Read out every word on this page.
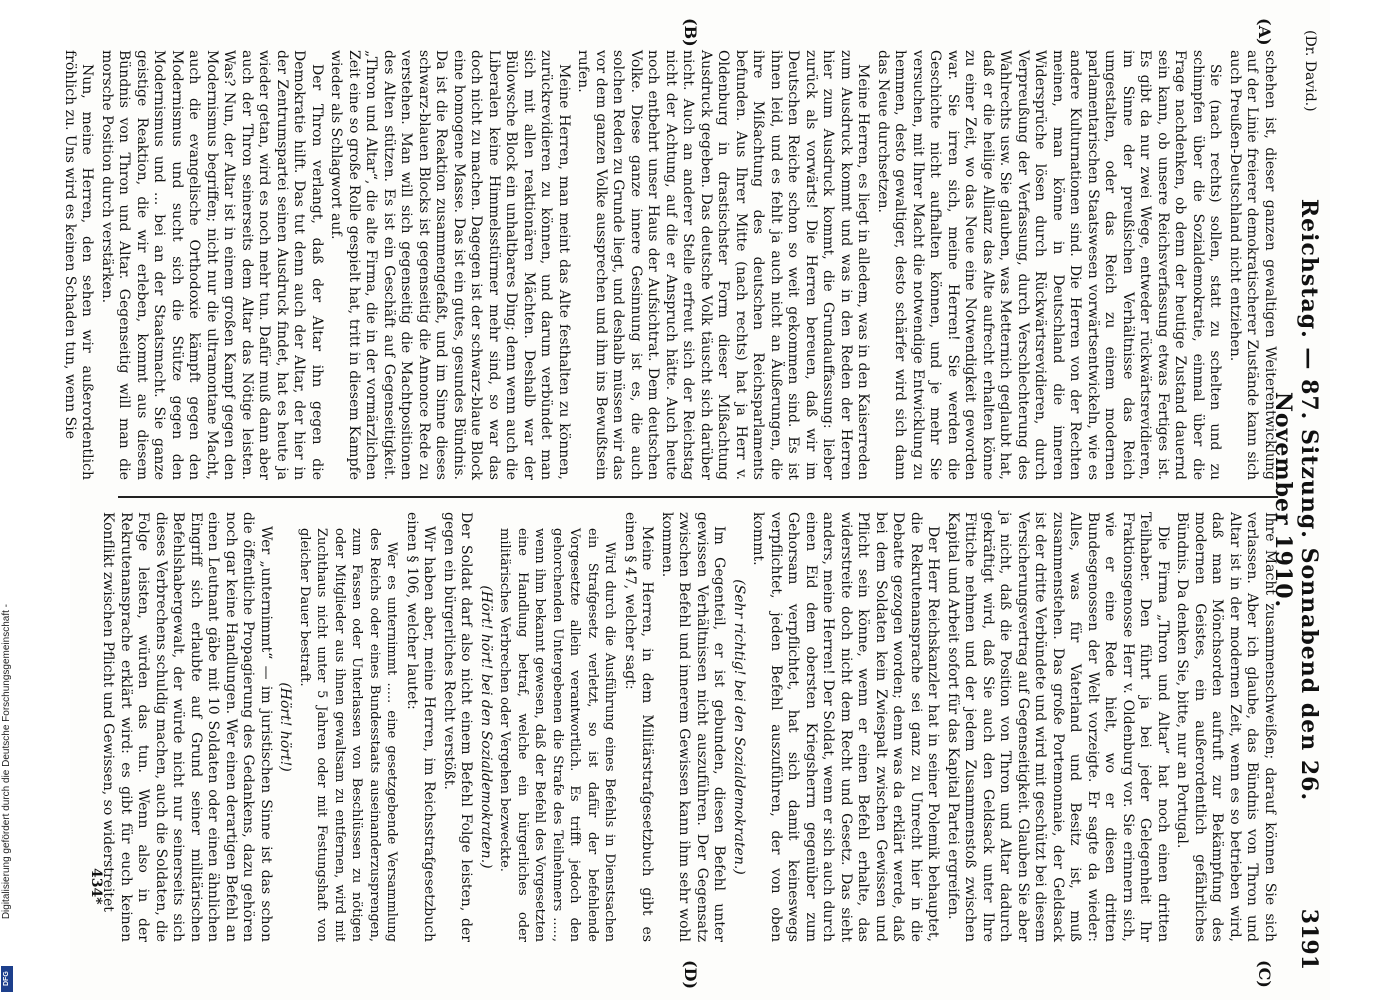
(Dr. David.)
Reichstag. — 87. Sitzung. Sonnabend den 26. November 1910.
3191
(A)
(B)
(C)
(D)

schehen ist, dieser ganzen gewaltigen Weiterentwicklung auf der Linie freierer demokratischerer Zustände kann sich auch Preußen-Deutschland nicht entziehen.

Sie (nach rechts) sollen, statt zu schelten und zu schimpfen über die Sozialdemokratie, einmal über die Frage nachdenken, ob denn der heutige Zustand dauernd sein kann, ob unsere Reichsverfassung etwas Fertiges ist. Es gibt da nur zwei Wege, entweder rückwärtsrevidieren, im Sinne der preußischen Verhältnisse das Reich umgestalten, oder das Reich zu einem modernen parlamentarischen Staatswesen vorwärtsentwickeln, wie es andere Kulturnationen sind. Die Herren von der Rechten meinen, man könne in Deutschland die inneren Widersprüche lösen durch Rückwärtsrevidieren, durch Verpreußung der Verfassung, durch Verschlechterung des Wahlrechts usw. Sie glauben, was Metternich geglaubt hat, daß er die heilige Allianz das Alte aufrecht erhalten könne zu einer Zeit, wo das Neue eine Notwendigkeit geworden war. Sie irren sich, meine Herren! Sie werden die Geschichte nicht aufhalten können, und je mehr Sie versuchen, mit Ihrer Macht die notwendige Entwicklung zu hemmen, desto gewaltiger, desto schärfer wird sich dann das Neue durchsetzen.

Meine Herren, es liegt in alledem, was in den Kaiserreden zum Ausdruck kommt und was in den Reden der Herren hier zum Ausdruck kommt, die Grundauffassung: lieber zurück als vorwärts! Die Herren bereuen, daß wir im Deutschen Reiche schon so weit gekommen sind. Es ist ihnen leid, und es fehlt ja auch nicht an Äußerungen, die ihre Mißachtung des deutschen Reichsparlaments befunden. Aus Ihrer Mitte (nach rechts) hat ja Herr v. Oldenburg in drastischster Form dieser Mißachtung Ausdruck gegeben. Das deutsche Volk täuscht sich darüber nicht. Auch an anderer Stelle erfreut sich der Reichstag nicht der Achtung, auf die er Anspruch hätte. Auch heute noch entbehrt unser Haus der Aufsichtrat. Dem deutschen Volke. Diese ganze innere Gesinnung ist es, die auch solchen Reden zu Grunde liegt, und deshalb müssen wir das vor dem ganzen Volke aussprechen und ihm ins Bewußtsein rufen.

Meine Herren, man meint das Alte festhalten zu können, zurückrevidieren zu können, und darum verbündet man sich mit allen reaktionären Mächten. Deshalb war der Bülowsche Block ein unhaltbares Ding; denn wenn auch die Liberalen keine Himmelsstürmer mehr sind, so war das doch nicht zu machen. Dagegen ist der schwarz-blaue Block eine homogene Masse. Das ist ein gutes, gesundes Bündnis. Da ist die Reaktion zusammengefaßt, und im Sinne dieses schwarz-blauen Blocks ist gegenseitig die Annonce Rede zu verstehen. Man will sich gegenseitig die Machtpositionen des Alten stützen. Es ist ein Geschäft auf Gegenseitigkeit. „Thron und Altar“, die alte Firma, die in der vormärzlichen Zeit eine so große Rolle gespielt hat, tritt in diesem Kampfe wieder als Schlagwort auf.

Der Thron verlangt, daß der Altar ihn gegen die Demokratie hilft. Das tut denn auch der Altar, der hier in der Zentrumspartei seinen Ausdruck findet, hat es heute ja wieder getan, wird es noch mehr tun. Dafür muß dann aber auch der Thron seinerseits dem Altar das Nötige leisten. Was? Nun, der Altar ist in einem großen Kampf gegen den Modernismus begriffen; nicht nur die ultramontane Macht, auch die evangelische Orthodoxie kämpft gegen den Modernismus und sucht sich die Stütze gegen den Modernismus und ... bei an der Staatsmacht. Sie ganze geistige Reaktion, die wir erleben, kommt aus diesem Bündnis von Thron und Altar. Gegenseitig will man die morsche Position durch verstärken.

Nun, meine Herren, den sehen wir außerordentlich fröhlich zu. Uns wird es keinen Schaden tun, wenn Sie

Ihre Macht zusammenschweißen; darauf können Sie sich verlassen. Aber ich glaube, das Bündnis von Thron und Altar ist in der modernen Zeit, wenn es so betrieben wird, daß man Mönchsorden aufruft zur Bekämpfung des modernen Geistes, ein außerordentlich gefährliches Bündnis. Da denken Sie, bitte, nur an Portugal.

Die Firma „Thron und Altar“ hat noch einen dritten Teilhaber. Den führt ja bei jeder Gelegenheit Ihr Fraktionsgenosse Herr v. Oldenburg vor. Sie erinnern sich, wie er eine Rede hielt, wo er diesen dritten Bundesgenossen der Welt vorzeigte. Er sagte da wieder: Alles, was für Vaterland und Besitz ist, muß zusammenstehen. Das große Portemonnaie, der Geldsack ist der dritte Verbündete und wird mit geschützt bei diesem Versicherungsvertrag auf Gegenseitigkeit. Glauben Sie aber ja nicht, daß die Position von Thron und Altar dadurch gekräftigt wird, daß Sie auch den Geldsack unter Ihre Fittiche nehmen und der jedem Zusammenstoß zwischen Kapital und Arbeit sofort für das Kapital Partei ergreifen.

Der Herr Reichskanzler hat in seiner Polemik behauptet, die Rekrutenansprache sei ganz zu Unrecht hier in die Debatte gezogen worden; denn was da erklärt werde, daß bei dem Soldaten kein Zwiespalt zwischen Gewissen und Pflicht sein könne, wenn er einen Befehl erhalte, das widerstreite doch nicht dem Recht und Gesetz. Das sieht anders, meine Herren! Der Soldat, wenn er sich auch durch einen Eid dem obersten Kriegsherrn gegenüber zum Gehorsam verpflichtet, hat sich damit keineswegs verpflichtet, jeden Befehl auszuführen, der von oben kommt.

(Sehr richtig! bei den Sozialdemokraten.)

Im Gegenteil, er ist gebunden, diesen Befehl unter gewissen Verhältnissen nicht auszuführen. Der Gegensatz zwischen Befehl und innerem Gewissen kann ihm sehr wohl kommen.

Meine Herren, in dem Militärstrafgesetzbuch gibt es einen § 47, welcher sagt:

Wird durch die Ausführung eines Befehls in Dienstsachen ein Strafgesetz verletzt, so ist dafür der befehlende Vorgesetzte allein verantwortlich. Es trifft jedoch den gehorchenden Untergebenen die Strafe des Teilnehmers ....., wenn ihm bekannt gewesen, daß der Befehl des Vorgesetzten eine Handlung betraf, welche ein bürgerliches oder militärisches Verbrechen oder Vergehen bezweckte.

(Hört! hört! bei den Sozialdemokraten.)

Der Soldat darf also nicht einem Befehl Folge leisten, der gegen ein bürgerliches Recht verstößt.

Wir haben aber, meine Herren, im Reichsstrafgesetzbuch einen § 106, welcher lautet:

Wer es unternimmt ..... eine gesetzgebende Versammlung des Reichs oder eines Bundesstaats auseinanderzusprengen, zum Fassen oder Unterlassen von Beschlüssen zu nötigen oder Mitglieder aus ihnen gewaltsam zu entfernen, wird mit Zuchthaus nicht unter 5 Jahren oder mit Festungshaft von gleicher Dauer bestraft.

(Hört! hört!)

Wer „unternimmt“ — im juristischen Sinne ist das schon die öffentliche Propagierung des Gedankens, dazu gehören noch gar keine Handlungen. Wer einen derartigen Befehl an einen Leutnant gäbe mit 10 Soldaten oder einen ähnlichen Eingriff sich erlaubte auf Grund seiner militärischen Befehlshabergewalt, der würde nicht nur seinerseits sich dieses Verbrechens schuldig machen, auch die Soldaten, die Folge leisten, würden das tun. Wenn also in der Rekrutenansprache erklärt wird: es gibt für euch keinen Konflikt zwischen Pflicht und Gewissen, so widerstreitet

434*
Digitalisierung gefördert durch die Deutsche Forschungsgemeinschaft -
DFG
